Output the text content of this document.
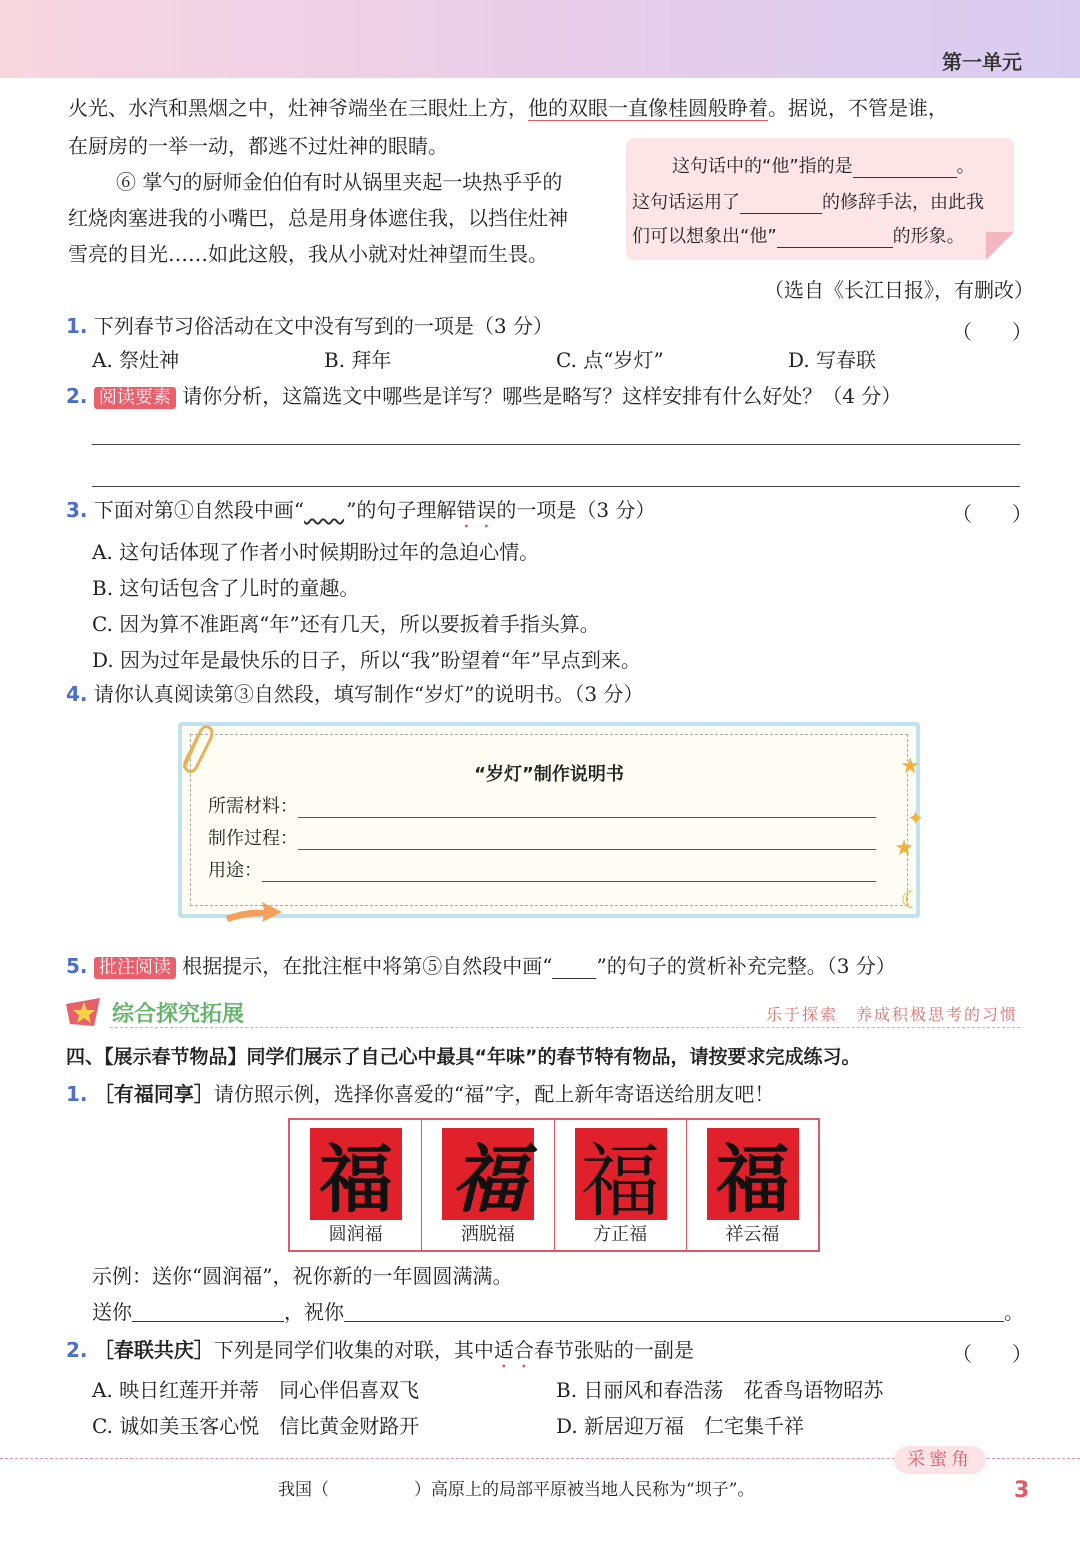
第一单元
火光、水汽和黑烟之中，灶神爷端坐在三眼灶上方，他的双眼一直像桂圆般睁着。据说，不管是谁，
在厨房的一举一动，都逃不过灶神的眼睛。
⑥ 掌勺的厨师金伯伯有时从锅里夹起一块热乎乎的
红烧肉塞进我的小嘴巴，总是用身体遮住我，以挡住灶神
雪亮的目光……如此这般，我从小就对灶神望而生畏。
（选自《长江日报》，有删改）
这句话中的“他”指的是	。
这句话运用了	的修辞手法，由此我
们可以想象出“他”	的形象。
1. 下列春节习俗活动在文中没有写到的一项是（3 分）	（　　）
A. 祭灶神	B. 拜年	C. 点“岁灯”	D. 写春联
2. 阅读要素 请你分析，这篇选文中哪些是详写？哪些是略写？这样安排有什么好处？（4 分）
3. 下面对第①自然段中画“ ”的句子理解错误的一项是（3 分）	（　　）
A. 这句话体现了作者小时候期盼过年的急迫心情。
B. 这句话包含了儿时的童趣。
C. 因为算不准距离“年”还有几天，所以要扳着手指头算。
D. 因为过年是最快乐的日子，所以“我”盼望着“年”早点到来。
4. 请你认真阅读第③自然段，填写制作“岁灯”的说明书。（3 分）
“岁灯”制作说明书
所需材料：
制作过程：
用途：
★
✦
★
☾
5. 批注阅读 根据提示，在批注框中将第⑤自然段中画“ ”的句子的赏析补充完整。（3 分）
综合探究拓展	乐于探索　养成积极思考的习惯
四、【展示春节物品】同学们展示了自己心中最具“年味”的春节特有物品，请按要求完成练习。
1. ［有福同享］请仿照示例，选择你喜爱的“福”字，配上新年寄语送给朋友吧！
福
圆润福
福
洒脱福
福
方正福
福
祥云福
示例：送你“圆润福”，祝你新的一年圆圆满满。
送你	，祝你	。
2. ［春联共庆］下列是同学们收集的对联，其中适合春节张贴的一副是	（　　）
A. 映日红莲开并蒂　同心伴侣喜双飞	B. 日丽风和春浩荡　花香鸟语物昭苏
C. 诚如美玉客心悦　信比黄金财路开	D. 新居迎万福　仁宅集千祥
采蜜角
我国（　　　　　）高原上的局部平原被当地人民称为“坝子”。	3
